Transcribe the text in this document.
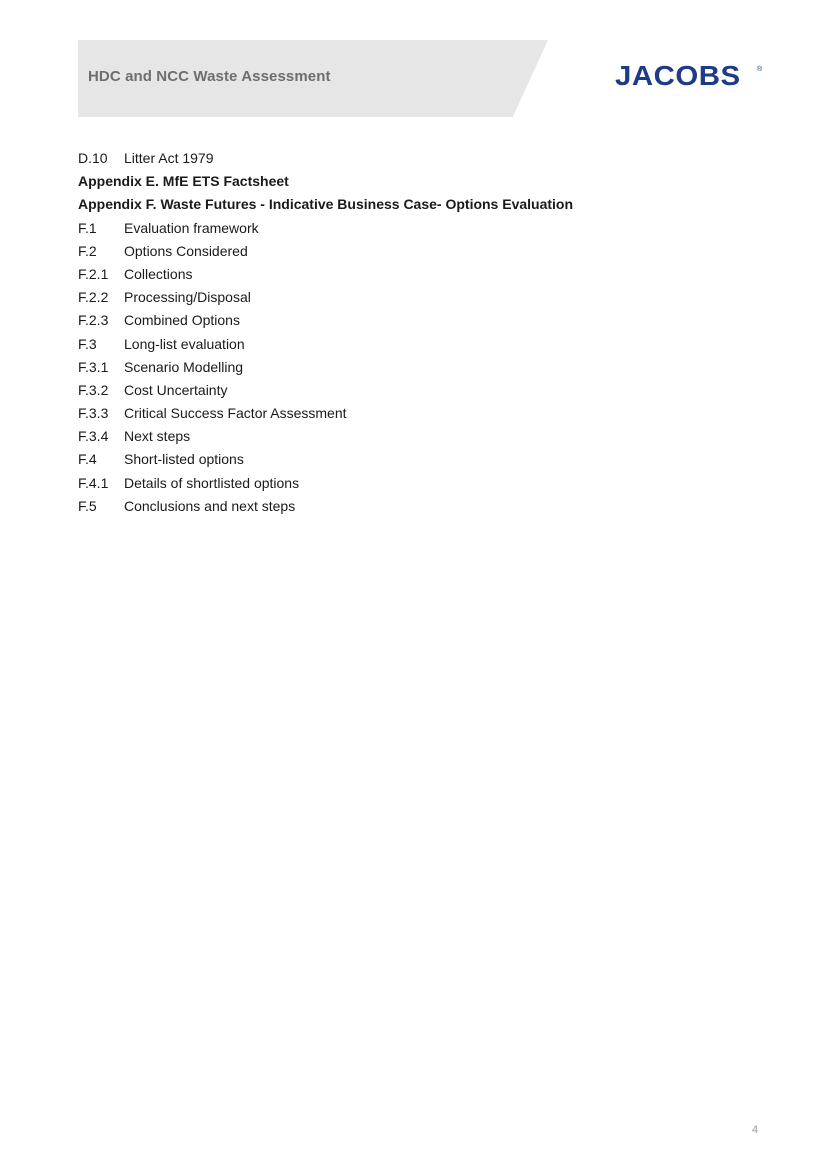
HDC and NCC Waste Assessment	JACOBS ®
D.10	Litter Act 1979
Appendix E. MfE ETS Factsheet
Appendix F. Waste Futures - Indicative Business Case- Options Evaluation
F.1	Evaluation framework
F.2	Options Considered
F.2.1	Collections
F.2.2	Processing/Disposal
F.2.3	Combined Options
F.3	Long-list evaluation
F.3.1	Scenario Modelling
F.3.2	Cost Uncertainty
F.3.3	Critical Success Factor Assessment
F.3.4	Next steps
F.4	Short-listed options
F.4.1	Details of shortlisted options
F.5	Conclusions and next steps
4
